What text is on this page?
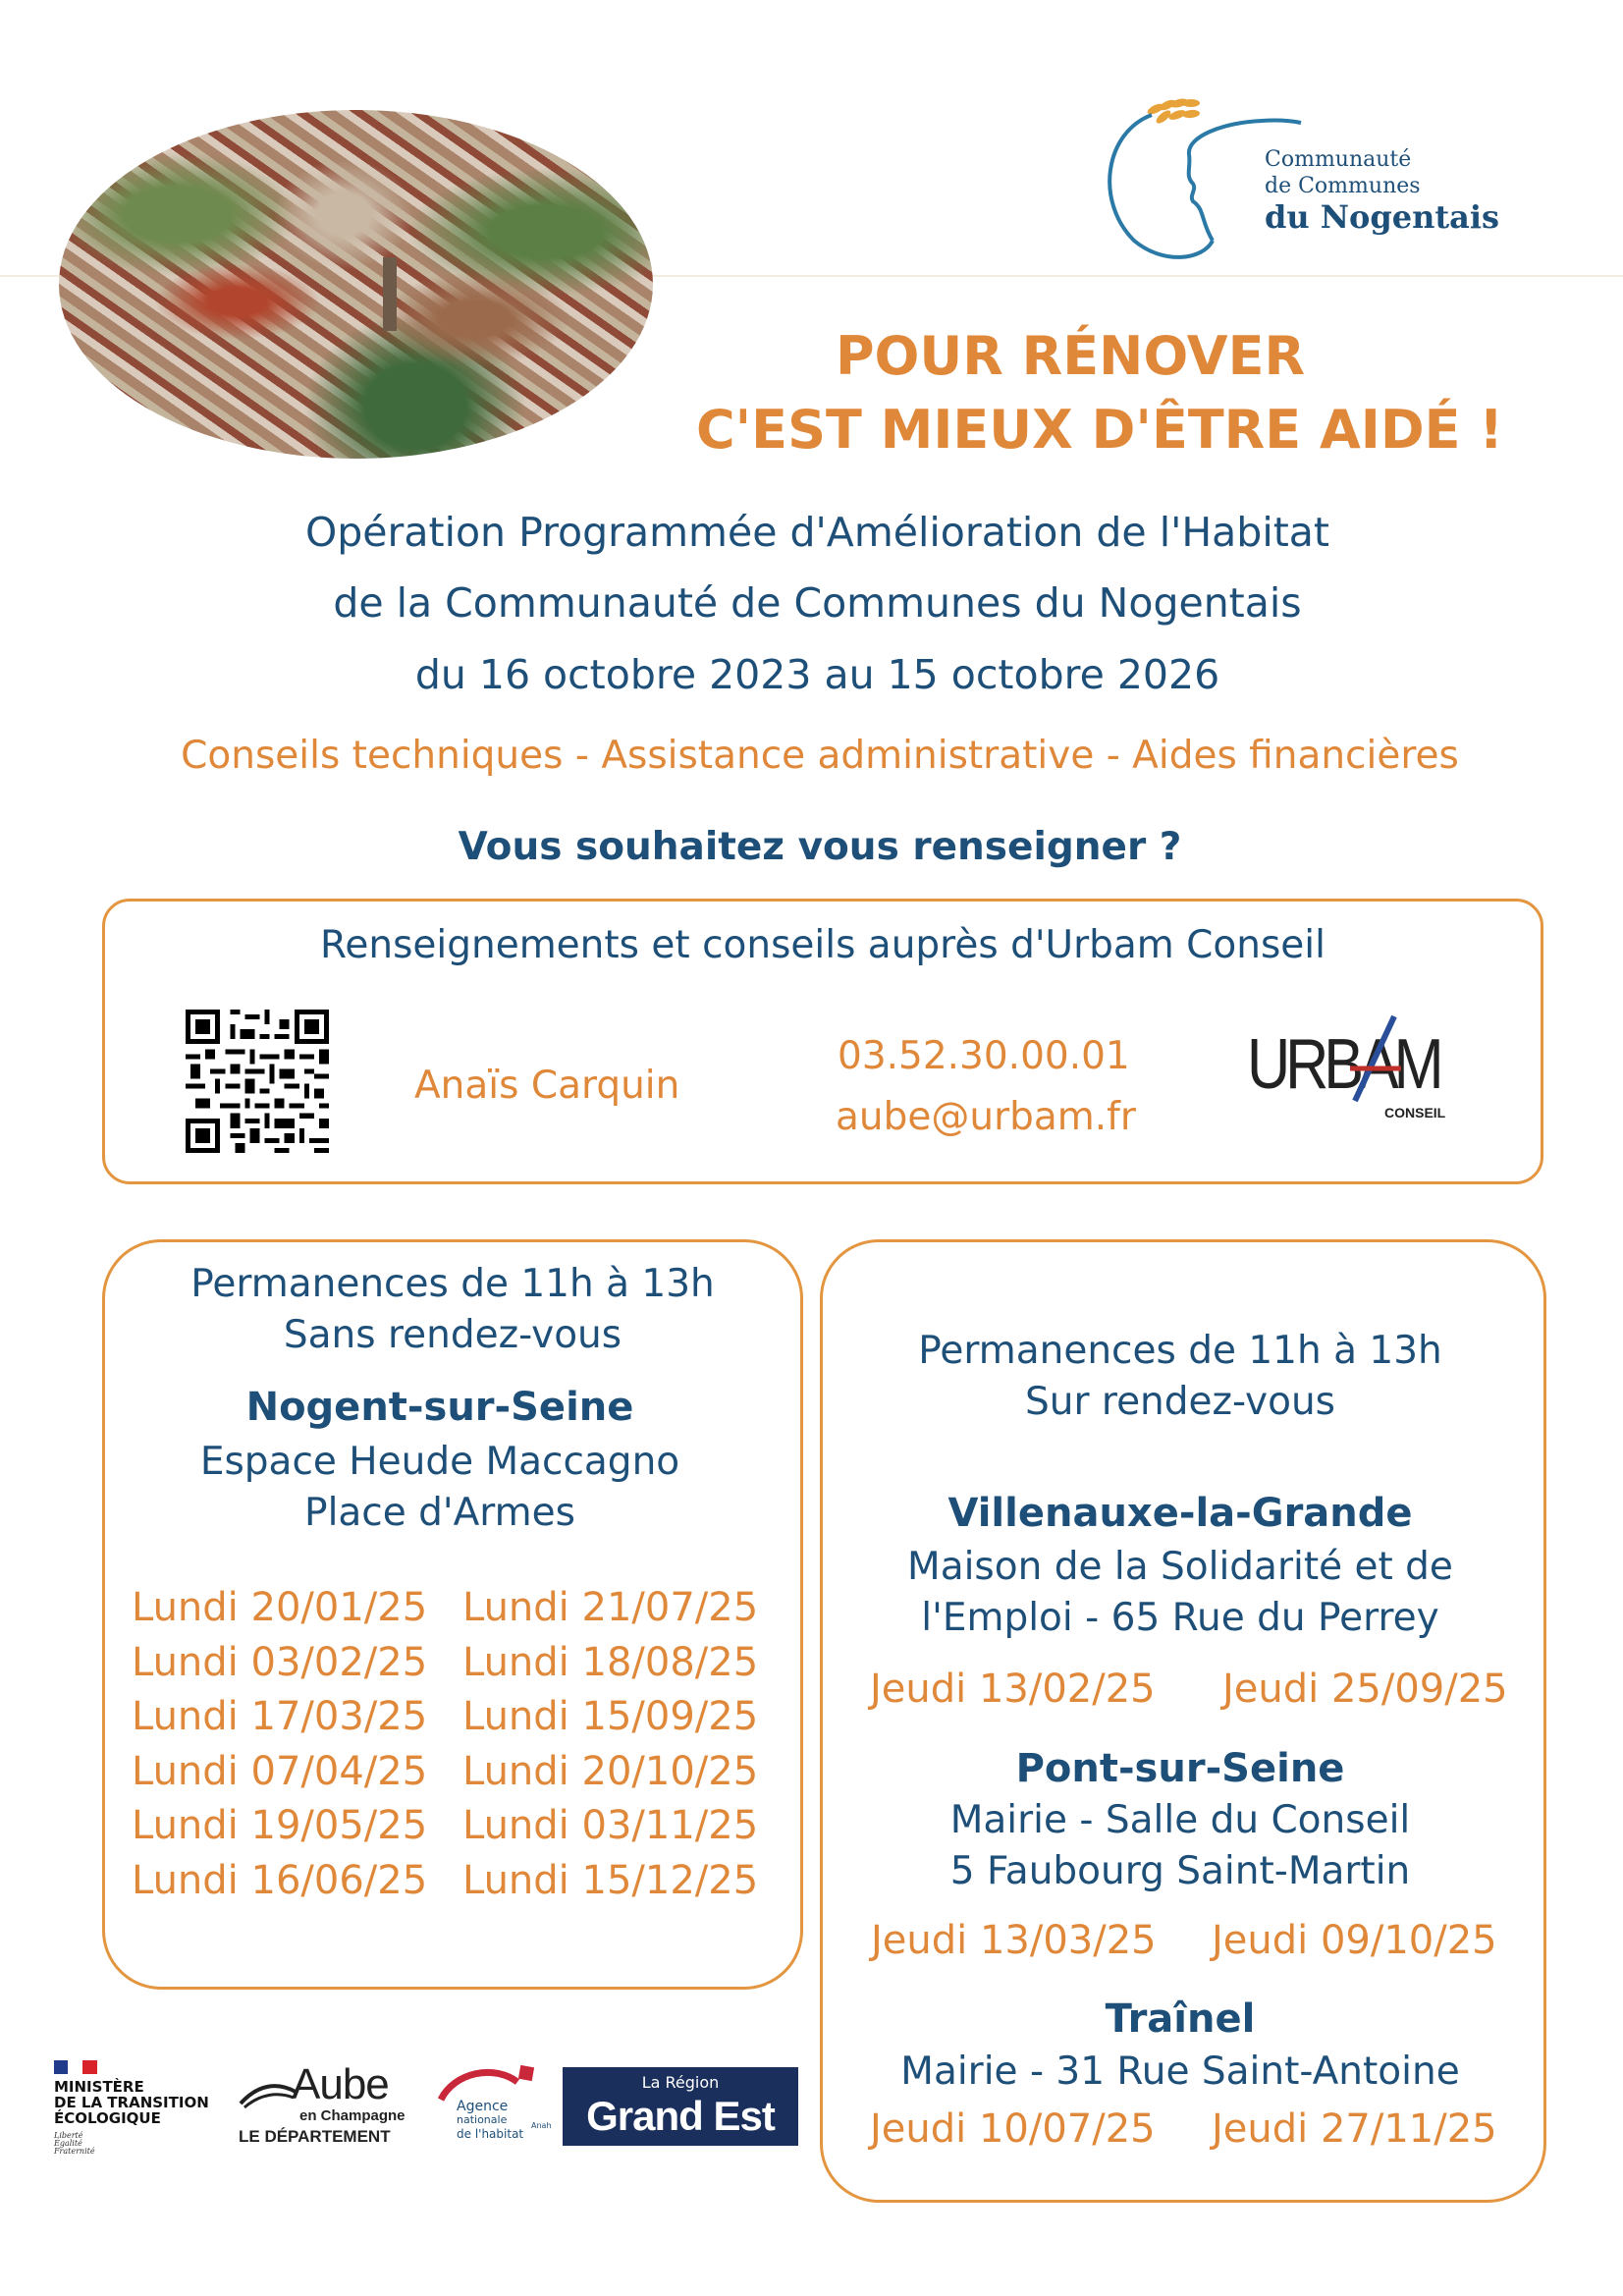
Communauté
de Communes
du Nogentais
POUR RÉNOVER
C'EST MIEUX D'ÊTRE AIDÉ !
Opération Programmée d'Amélioration de l'Habitat
de la Communauté de Communes du Nogentais
du 16 octobre 2023 au 15 octobre 2026
Conseils techniques - Assistance administrative - Aides financières
Vous souhaitez vous renseigner ?
Renseignements et conseils auprès d'Urbam Conseil
Anaïs Carquin
03.52.30.00.01
aube@urbam.fr
URBAM
CONSEIL
Permanences de 11h à 13h
Sans rendez-vous
Nogent-sur-Seine
Espace Heude Maccagno
Place d'Armes
Lundi 20/01/25
Lundi 03/02/25
Lundi 17/03/25
Lundi 07/04/25
Lundi 19/05/25
Lundi 16/06/25
Lundi 21/07/25
Lundi 18/08/25
Lundi 15/09/25
Lundi 20/10/25
Lundi 03/11/25
Lundi 15/12/25
Permanences de 11h à 13h
Sur rendez-vous
Villenauxe-la-Grande
Maison de la Solidarité et de
l'Emploi - 65 Rue du Perrey
Jeudi 13/02/25 Jeudi 25/09/25
Pont-sur-Seine
Mairie - Salle du Conseil
5 Faubourg Saint-Martin
Jeudi 13/03/25 Jeudi 09/10/25
Traînel
Mairie - 31 Rue Saint-Antoine
Jeudi 10/07/25 Jeudi 27/11/25
MINISTÈRE
DE LA TRANSITION
ÉCOLOGIQUE
Liberté
Égalité
Fraternité
Aube
en Champagne
LE DÉPARTEMENT
Agence
nationale
de l'habitat
Anah
La Région
Grand Est
